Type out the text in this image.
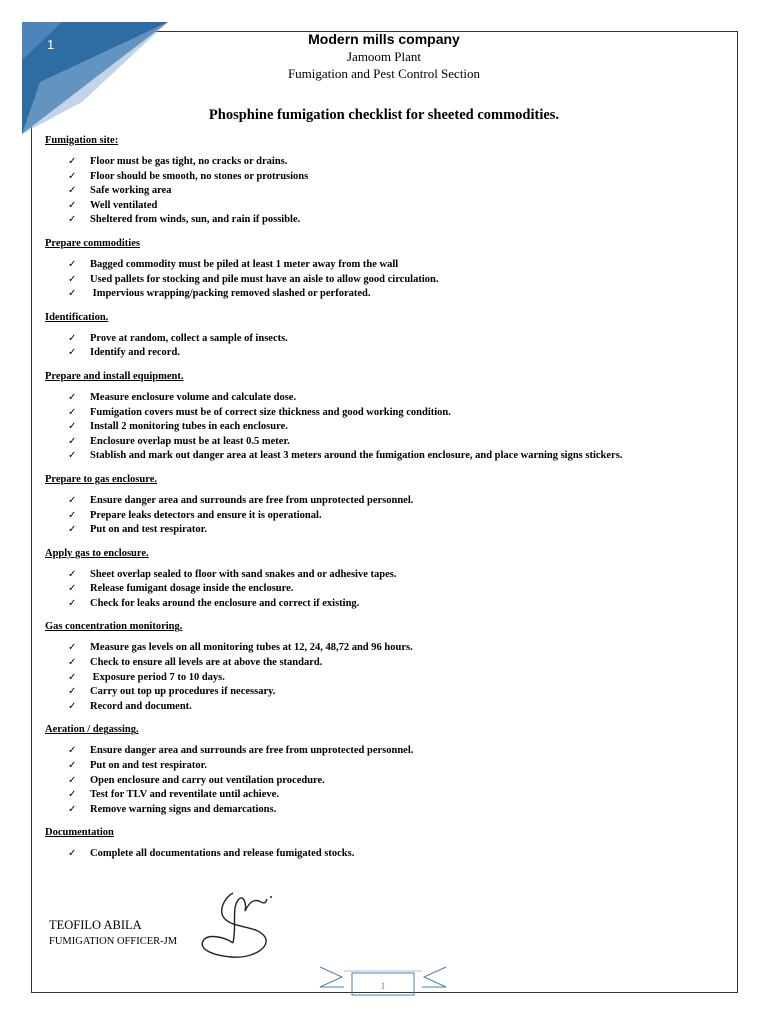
1	Modern mills company
Jamoom Plant
Fumigation and Pest Control Section
Phosphine fumigation checklist for sheeted commodities.
Fumigation site:
✓ Floor must be gas tight, no cracks or drains.
✓ Floor should be smooth, no stones or protrusions
✓ Safe working area
✓ Well ventilated
✓ Sheltered from winds, sun, and rain if possible.
Prepare commodities
✓ Bagged commodity must be piled at least 1 meter away from the wall
✓ Used pallets for stocking and pile must have an aisle to allow good circulation.
✓ Impervious wrapping/packing removed slashed or perforated.
Identification.
✓ Prove at random, collect a sample of insects.
✓ Identify and record.
Prepare and install equipment.
✓ Measure enclosure volume and calculate dose.
✓ Fumigation covers must be of correct size thickness and good working condition.
✓ Install 2 monitoring tubes in each enclosure.
✓ Enclosure overlap must be at least 0.5 meter.
✓ Stablish and mark out danger area at least 3 meters around the fumigation enclosure, and place warning signs stickers.
Prepare to gas enclosure.
✓ Ensure danger area and surrounds are free from unprotected personnel.
✓ Prepare leaks detectors and ensure it is operational.
✓ Put on and test respirator.
Apply gas to enclosure.
✓ Sheet overlap sealed to floor with sand snakes and or adhesive tapes.
✓ Release fumigant dosage inside the enclosure.
✓ Check for leaks around the enclosure and correct if existing.
Gas concentration monitoring.
✓ Measure gas levels on all monitoring tubes at 12, 24, 48,72 and 96 hours.
✓ Check to ensure all levels are at above the standard.
✓ Exposure period 7 to 10 days.
✓ Carry out top up procedures if necessary.
✓ Record and document.
Aeration / degassing.
✓ Ensure danger area and surrounds are free from unprotected personnel.
✓ Put on and test respirator.
✓ Open enclosure and carry out ventilation procedure.
✓ Test for TLV and reventilate until achieve.
✓ Remove warning signs and demarcations.
Documentation
✓ Complete all documentations and release fumigated stocks.
TEOFILO ABILA
FUMIGATION OFFICER-JM
1
